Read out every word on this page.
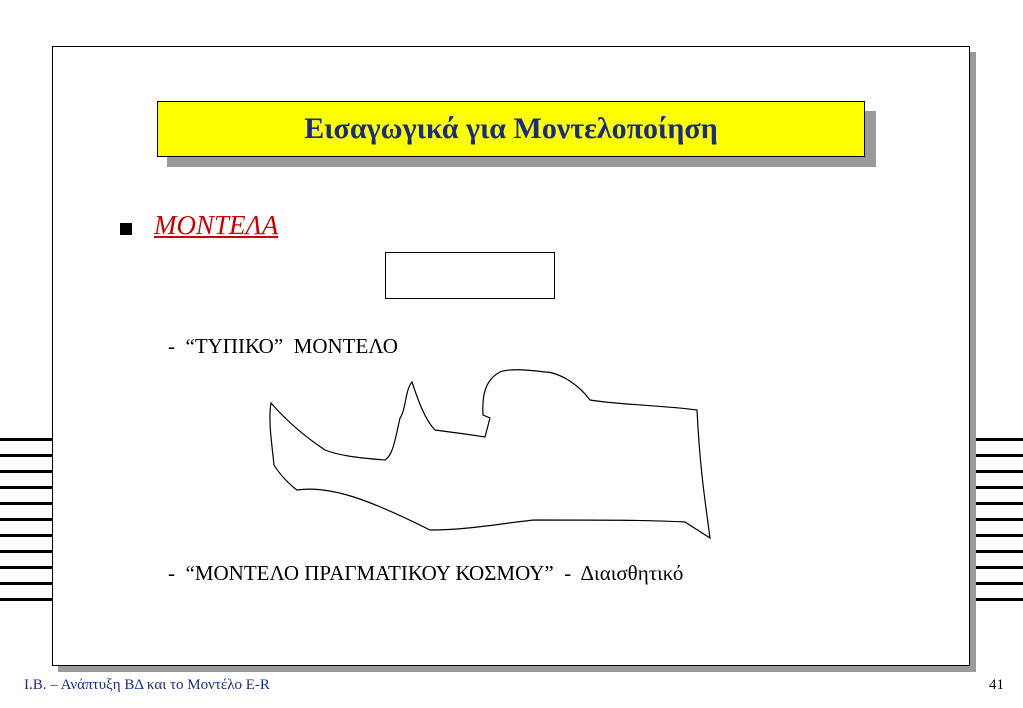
Εισαγωγικά για Μοντελοποίηση
ΜΟΝΤΕΛΑ
-  “ΤΥΠΙΚΟ”  ΜΟΝΤΕΛΟ
-  “ΜΟΝΤΕΛΟ ΠΡΑΓΜΑΤΙΚΟΥ ΚΟΣΜΟΥ”  -  Διαισθητικό
Ι.Β. – Ανάπτυξη ΒΔ και το Μοντέλο Ε-R	41
